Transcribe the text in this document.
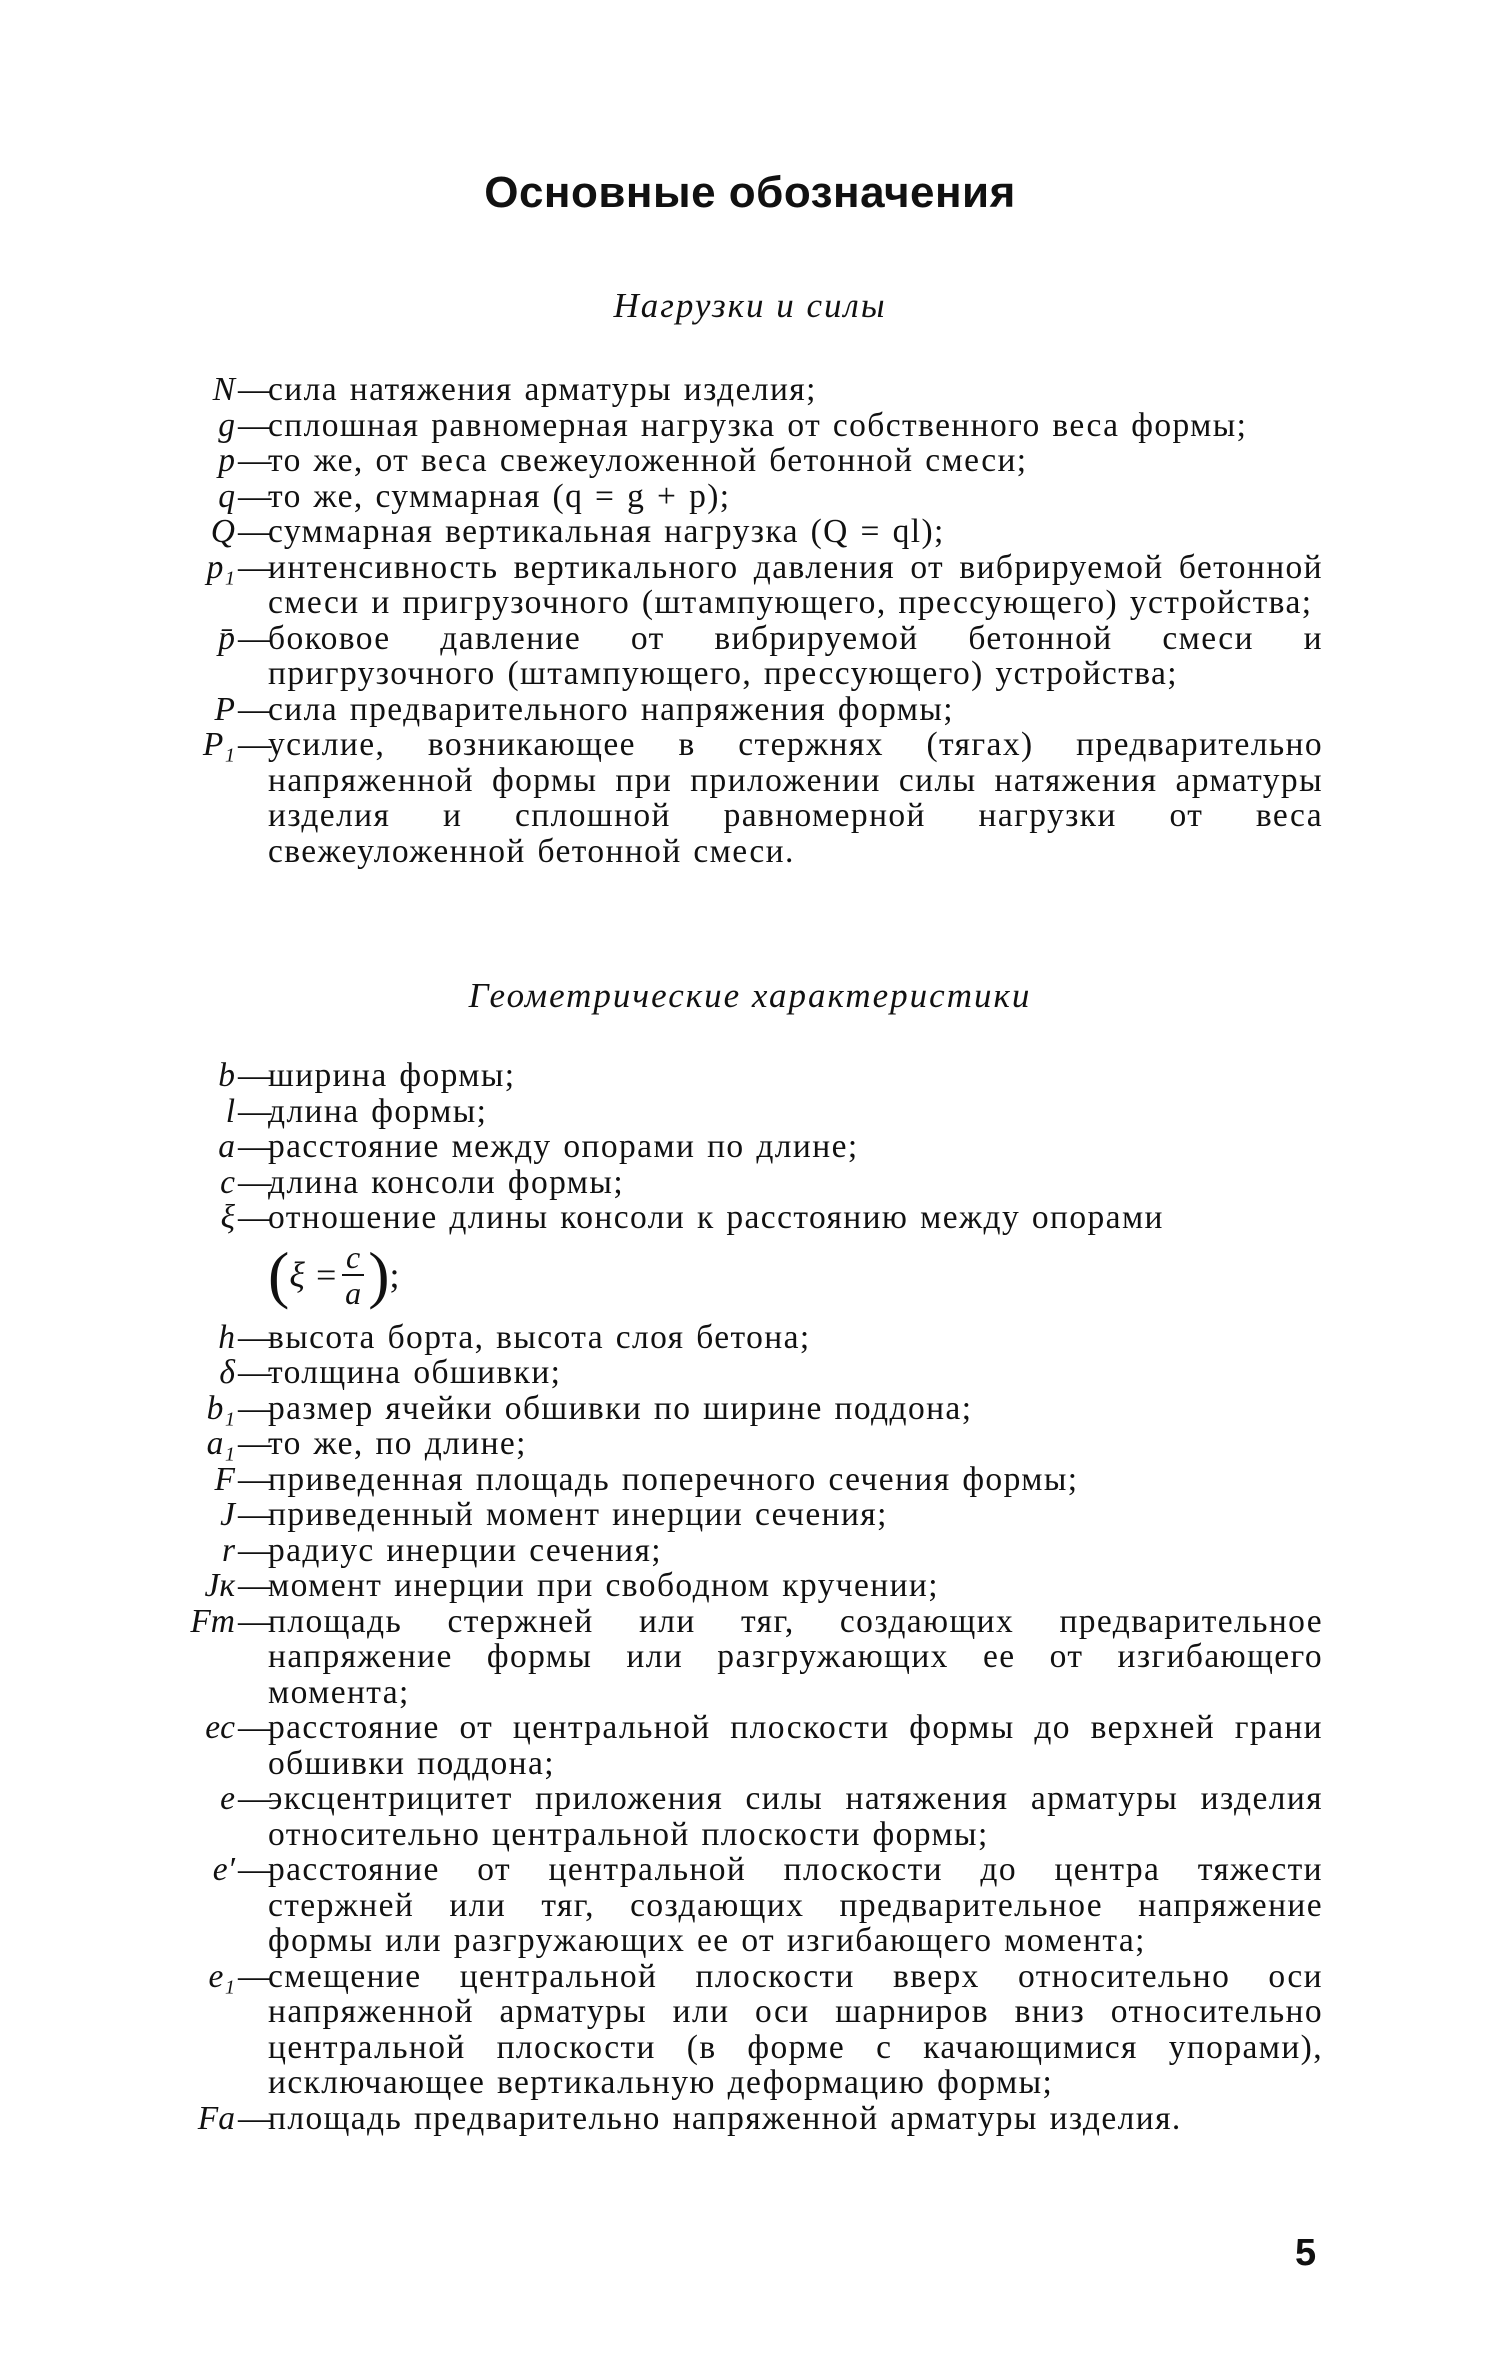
Основные обозначения
Нагрузки и силы
N —
сила натяжения арматуры изделия;
g —
сплошная равномерная нагрузка от собственного веса формы;
p —
то же, от веса свежеуложенной бетонной смеси;
q —
то же, суммарная (q = g + p);
Q —
суммарная вертикальная нагрузка (Q = ql);
p₁ —
интенсивность вертикального давления от вибрируемой бетонной смеси и пригрузочного (штампующего, прессующего) устройства;
p̄ —
боковое давление от вибрируемой бетонной смеси и пригрузочного (штампующего, прессующего) устройства;
P —
сила предварительного напряжения формы;
P₁ —
усилие, возникающее в стержнях (тягах) предварительно напряженной формы при приложении силы натяжения арматуры изделия и сплошной равномерной нагрузки от веса свежеуложенной бетонной смеси.
Геометрические характеристики
b —
ширина формы;
l —
длина формы;
a —
расстояние между опорами по длине;
c —
длина консоли формы;
ξ —
отношение длины консоли к расстоянию между опорами
( $\xi = \frac{c}{a}$ ) ;
h —
высота борта, высота слоя бетона;
δ —
толщина обшивки;
b₁ —
размер ячейки обшивки по ширине поддона;
a₁ —
то же, по длине;
F —
приведенная площадь поперечного сечения формы;
J —
приведенный момент инерции сечения;
r —
радиус инерции сечения;
Jк —
момент инерции при свободном кручении;
Fт —
площадь стержней или тяг, создающих предварительное напряжение формы или разгружающих ее от изгибающего момента;
eс —
расстояние от центральной плоскости формы до верхней грани обшивки поддона;
e —
эксцентрицитет приложения силы натяжения арматуры изделия относительно центральной плоскости формы;
e′ —
расстояние от центральной плоскости до центра тяжести стержней или тяг, создающих предварительное напряжение формы или разгружающих ее от изгибающего момента;
e₁ —
смещение центральной плоскости вверх относительно оси напряженной арматуры или оси шарниров вниз относительно центральной плоскости (в форме с качающимися упорами), исключающее вертикальную деформацию формы;
Fа —
площадь предварительно напряженной арматуры изделия.
5
